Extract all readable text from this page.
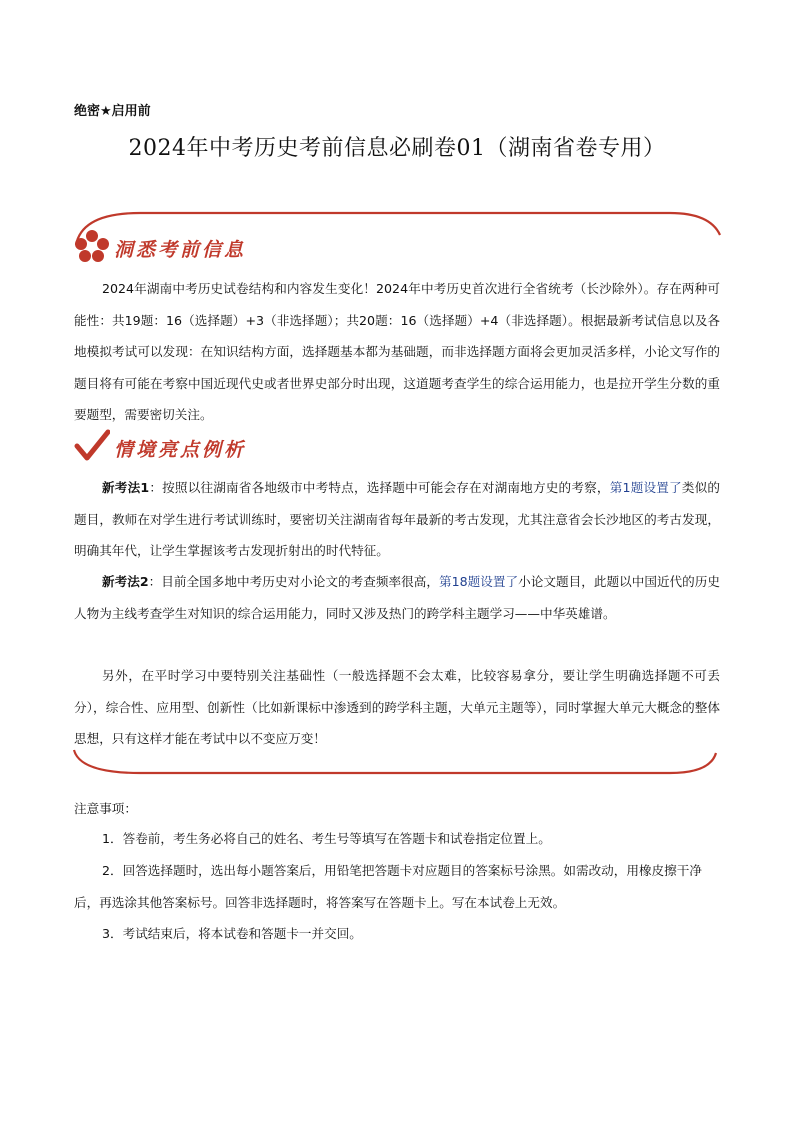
绝密★启用前
2024年中考历史考前信息必刷卷01（湖南省卷专用）
洞悉考前信息
2024年湖南中考历史试卷结构和内容发生变化！2024年中考历史首次进行全省统考（长沙除外）。存在两种可能性：共19题：16（选择题）+3（非选择题）；共20题：16（选择题）+4（非选择题）。根据最新考试信息以及各地模拟考试可以发现：在知识结构方面，选择题基本都为基础题，而非选择题方面将会更加灵活多样，小论文写作的题目将有可能在考察中国近现代史或者世界史部分时出现，这道题考查学生的综合运用能力，也是拉开学生分数的重要题型，需要密切关注。
情境亮点例析
新考法1：按照以往湖南省各地级市中考特点，选择题中可能会存在对湖南地方史的考察，第1题设置了类似的题目，教师在对学生进行考试训练时，要密切关注湖南省每年最新的考古发现，尤其注意省会长沙地区的考古发现，明确其年代，让学生掌握该考古发现折射出的时代特征。
新考法2：目前全国多地中考历史对小论文的考查频率很高，第18题设置了小论文题目，此题以中国近代的历史人物为主线考查学生对知识的综合运用能力，同时又涉及热门的跨学科主题学习——中华英雄谱。
另外，在平时学习中要特别关注基础性（一般选择题不会太难，比较容易拿分，要让学生明确选择题不可丢分），综合性、应用型、创新性（比如新课标中渗透到的跨学科主题，大单元主题等），同时掌握大单元大概念的整体思想，只有这样才能在考试中以不变应万变！
注意事项：
1．答卷前，考生务必将自己的姓名、考生号等填写在答题卡和试卷指定位置上。
2．回答选择题时，选出每小题答案后，用铅笔把答题卡对应题目的答案标号涂黑。如需改动，用橡皮擦干净后，再选涂其他答案标号。回答非选择题时，将答案写在答题卡上。写在本试卷上无效。
3．考试结束后，将本试卷和答题卡一并交回。
